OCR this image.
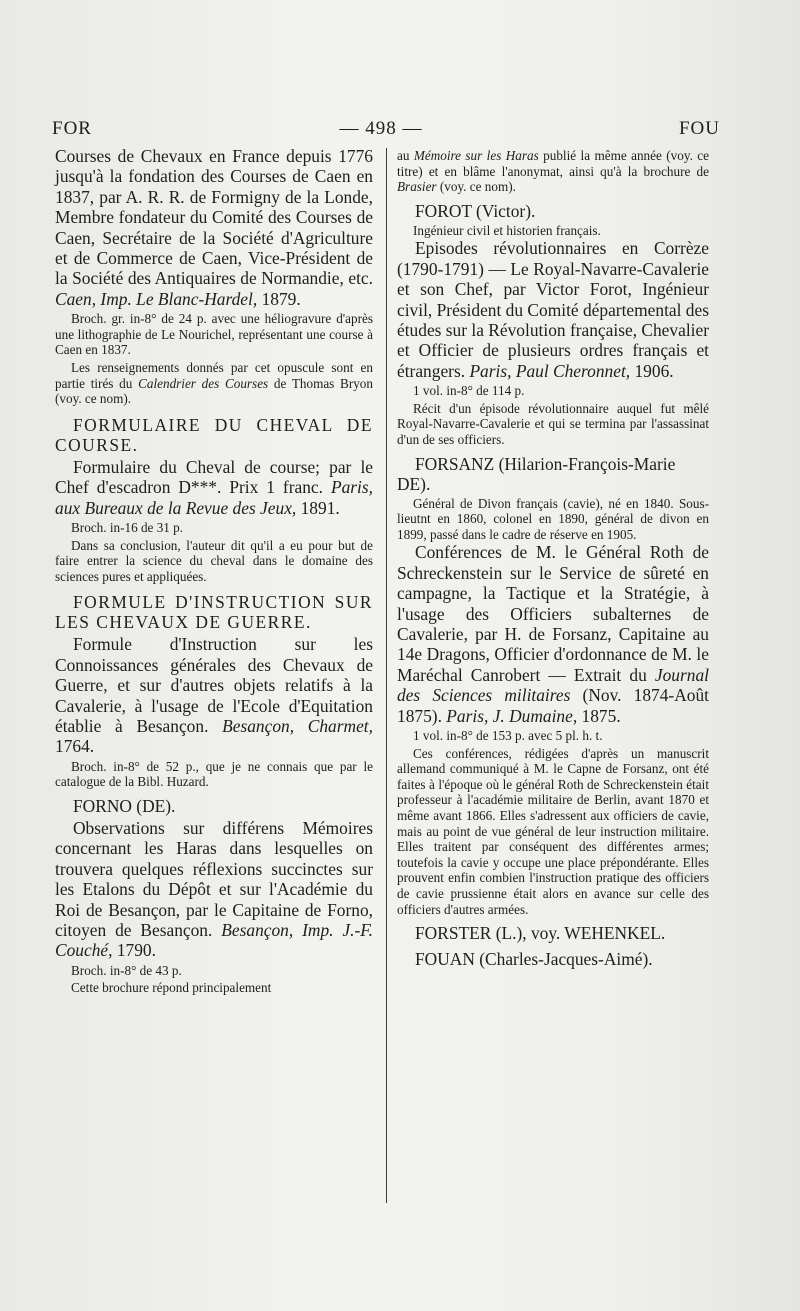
FOR	— 498 —	FOU

Courses de Chevaux en France depuis 1776 jusqu'à la fondation des Courses de Caen en 1837, par A. R. R. de Formigny de la Londe, Membre fondateur du Comité des Courses de Caen, Secrétaire de la Société d'Agriculture et de Commerce de Caen, Vice-Président de la Société des Antiquaires de Normandie, etc. Caen, Imp. Le Blanc-Hardel, 1879.

Broch. gr. in-8° de 24 p. avec une héliogravure d'après une lithographie de Le Nourichel, représentant une course à Caen en 1837.

Les renseignements donnés par cet opuscule sont en partie tirés du Calendrier des Courses de Thomas Bryon (voy. ce nom).

FORMULAIRE DU CHEVAL DE COURSE.

Formulaire du Cheval de course; par le Chef d'escadron D***. Prix 1 franc. Paris, aux Bureaux de la Revue des Jeux, 1891.

Broch. in-16 de 31 p.

Dans sa conclusion, l'auteur dit qu'il a eu pour but de faire entrer la science du cheval dans le domaine des sciences pures et appliquées.

FORMULE D'INSTRUCTION SUR LES CHEVAUX DE GUERRE.

Formule d'Instruction sur les Connoissances générales des Chevaux de Guerre, et sur d'autres objets relatifs à la Cavalerie, à l'usage de l'Ecole d'Equitation établie à Besançon. Besançon, Charmet, 1764.

Broch. in-8° de 52 p., que je ne connais que par le catalogue de la Bibl. Huzard.

FORNO (DE).

Observations sur différens Mémoires concernant les Haras dans lesquelles on trouvera quelques réflexions succinctes sur les Etalons du Dépôt et sur l'Académie du Roi de Besançon, par le Capitaine de Forno, citoyen de Besançon. Besançon, Imp. J.-F. Couché, 1790.

Broch. in-8° de 43 p.

Cette brochure répond principalement

au Mémoire sur les Haras publié la même année (voy. ce titre) et en blâme l'anonymat, ainsi qu'à la brochure de Brasier (voy. ce nom).

FOROT (Victor).

Ingénieur civil et historien français.

Episodes révolutionnaires en Corrèze (1790-1791) — Le Royal-Navarre-Cavalerie et son Chef, par Victor Forot, Ingénieur civil, Président du Comité départemental des études sur la Révolution française, Chevalier et Officier de plusieurs ordres français et étrangers. Paris, Paul Cheronnet, 1906.

1 vol. in-8° de 114 p.

Récit d'un épisode révolutionnaire auquel fut mêlé Royal-Navarre-Cavalerie et qui se termina par l'assassinat d'un de ses officiers.

FORSANZ (Hilarion-François-Marie DE).

Général de Divon français (cavie), né en 1840. Sous-lieutnt en 1860, colonel en 1890, général de divon en 1899, passé dans le cadre de réserve en 1905.

Conférences de M. le Général Roth de Schreckenstein sur le Service de sûreté en campagne, la Tactique et la Stratégie, à l'usage des Officiers subalternes de Cavalerie, par H. de Forsanz, Capitaine au 14e Dragons, Officier d'ordonnance de M. le Maréchal Canrobert — Extrait du Journal des Sciences militaires (Nov. 1874-Août 1875). Paris, J. Dumaine, 1875.

1 vol. in-8° de 153 p. avec 5 pl. h. t.

Ces conférences, rédigées d'après un manuscrit allemand communiqué à M. le Capne de Forsanz, ont été faites à l'époque où le général Roth de Schreckenstein était professeur à l'académie militaire de Berlin, avant 1870 et même avant 1866. Elles s'adressent aux officiers de cavie, mais au point de vue général de leur instruction militaire. Elles traitent par conséquent des différentes armes; toutefois la cavie y occupe une place prépondérante. Elles prouvent enfin combien l'instruction pratique des officiers de cavie prussienne était alors en avance sur celle des officiers d'autres armées.

FORSTER (L.), voy. WEHENKEL.

FOUAN (Charles-Jacques-Aimé).
